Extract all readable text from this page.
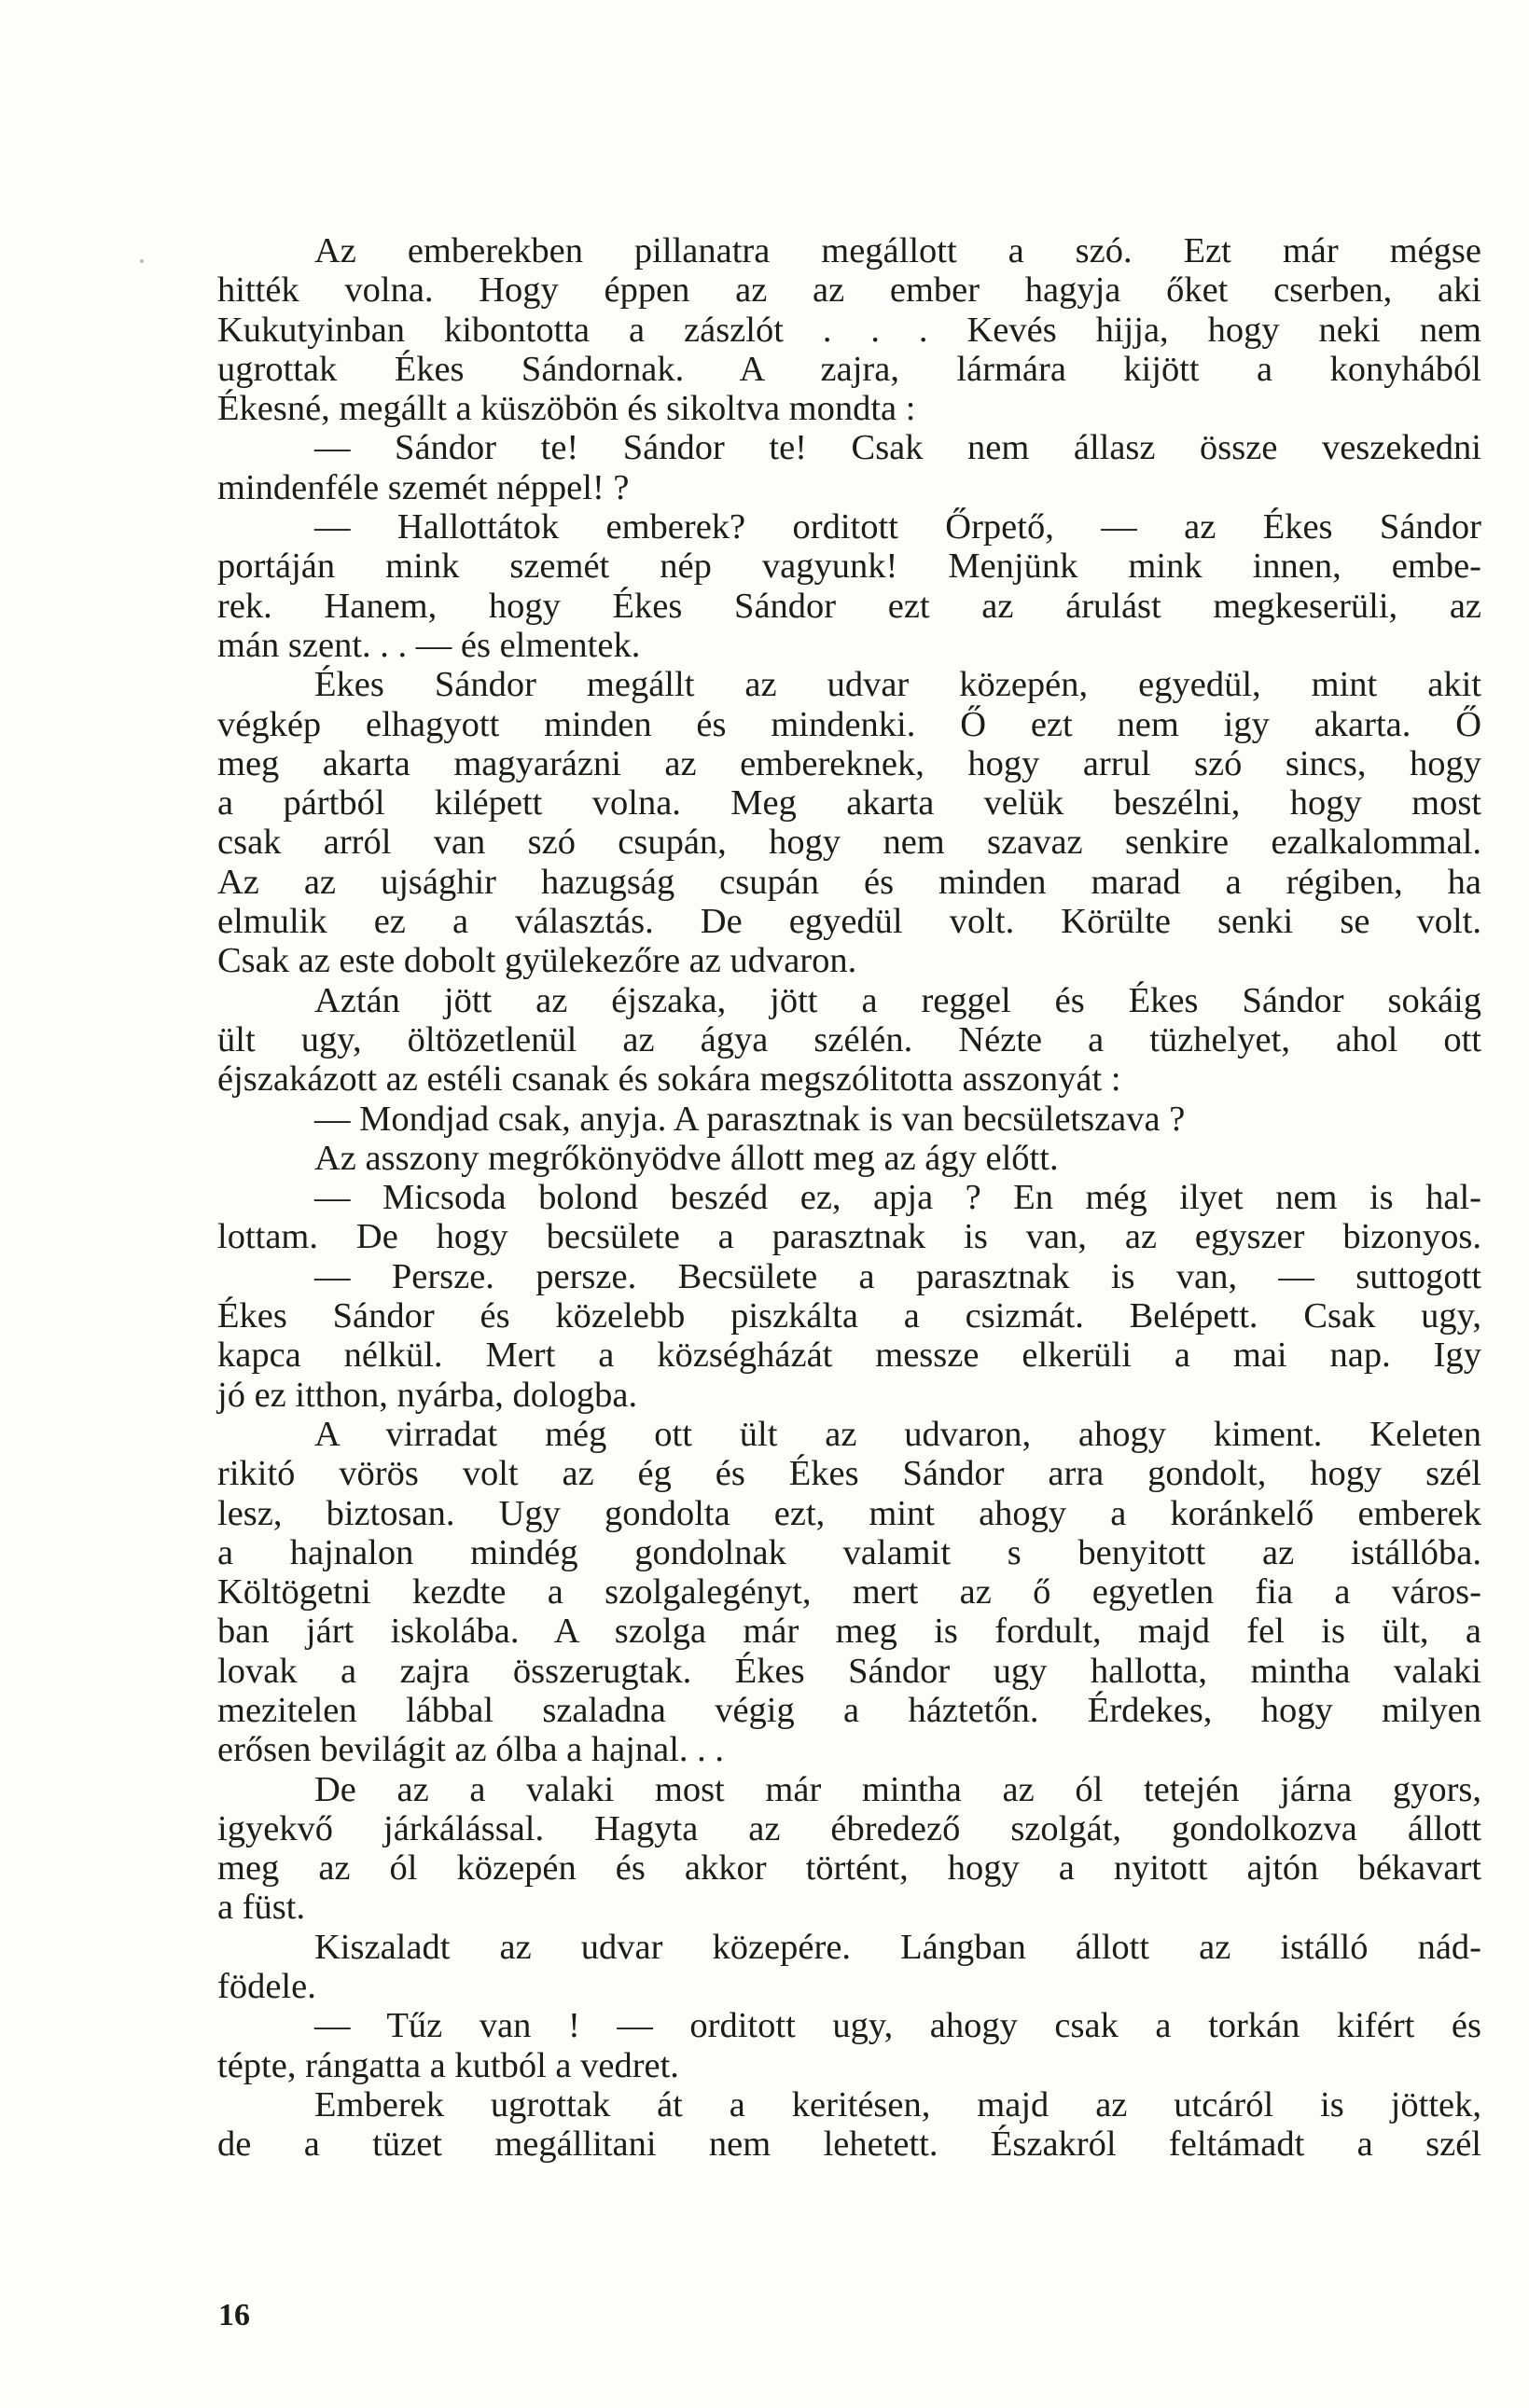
Az emberekben pillanatra megállott a szó. Ezt már mégse
hitték volna. Hogy éppen az az ember hagyja őket cserben, aki
Kukutyinban kibontotta a zászlót . . . Kevés hijja, hogy neki nem
ugrottak Ékes Sándornak. A zajra, lármára kijött a konyhából
Ékesné, megállt a küszöbön és sikoltva mondta :
— Sándor te! Sándor te! Csak nem állasz össze veszekedni
mindenféle szemét néppel! ?
— Hallottátok emberek? orditott Őrpető, — az Ékes Sándor
portáján mink szemét nép vagyunk! Menjünk mink innen, embe-
rek. Hanem, hogy Ékes Sándor ezt az árulást megkeserüli, az
mán szent. . . — és elmentek.
Ékes Sándor megállt az udvar közepén, egyedül, mint akit
végkép elhagyott minden és mindenki. Ő ezt nem igy akarta. Ő
meg akarta magyarázni az embereknek, hogy arrul szó sincs, hogy
a pártból kilépett volna. Meg akarta velük beszélni, hogy most
csak arról van szó csupán, hogy nem szavaz senkire ezalkalommal.
Az az ujsághir hazugság csupán és minden marad a régiben, ha
elmulik ez a választás. De egyedül volt. Körülte senki se volt.
Csak az este dobolt gyülekezőre az udvaron.
Aztán jött az éjszaka, jött a reggel és Ékes Sándor sokáig
ült ugy, öltözetlenül az ágya szélén. Nézte a tüzhelyet, ahol ott
éjszakázott az estéli csanak és sokára megszólitotta asszonyát :
— Mondjad csak, anyja. A parasztnak is van becsületszava ?
Az asszony megrőkönyödve állott meg az ágy előtt.
— Micsoda bolond beszéd ez, apja ? En még ilyet nem is hal-
lottam. De hogy becsülete a parasztnak is van, az egyszer bizonyos.
— Persze. persze. Becsülete a parasztnak is van, — suttogott
Ékes Sándor és közelebb piszkálta a csizmát. Belépett. Csak ugy,
kapca nélkül. Mert a községházát messze elkerüli a mai nap. Igy
jó ez itthon, nyárba, dologba.
A virradat még ott ült az udvaron, ahogy kiment. Keleten
rikitó vörös volt az ég és Ékes Sándor arra gondolt, hogy szél
lesz, biztosan. Ugy gondolta ezt, mint ahogy a koránkelő emberek
a hajnalon mindég gondolnak valamit s benyitott az istállóba.
Költögetni kezdte a szolgalegényt, mert az ő egyetlen fia a város-
ban járt iskolába. A szolga már meg is fordult, majd fel is ült, a
lovak a zajra összerugtak. Ékes Sándor ugy hallotta, mintha valaki
mezitelen lábbal szaladna végig a háztetőn. Érdekes, hogy milyen
erősen bevilágit az ólba a hajnal. . .
De az a valaki most már mintha az ól tetején járna gyors,
igyekvő járkálással. Hagyta az ébredező szolgát, gondolkozva állott
meg az ól közepén és akkor történt, hogy a nyitott ajtón békavart
a füst.
Kiszaladt az udvar közepére. Lángban állott az istálló nád-
födele.
— Tűz van ! — orditott ugy, ahogy csak a torkán kifért és
tépte, rángatta a kutból a vedret.
Emberek ugrottak át a keritésen, majd az utcáról is jöttek,
de a tüzet megállitani nem lehetett. Északról feltámadt a szél
16
